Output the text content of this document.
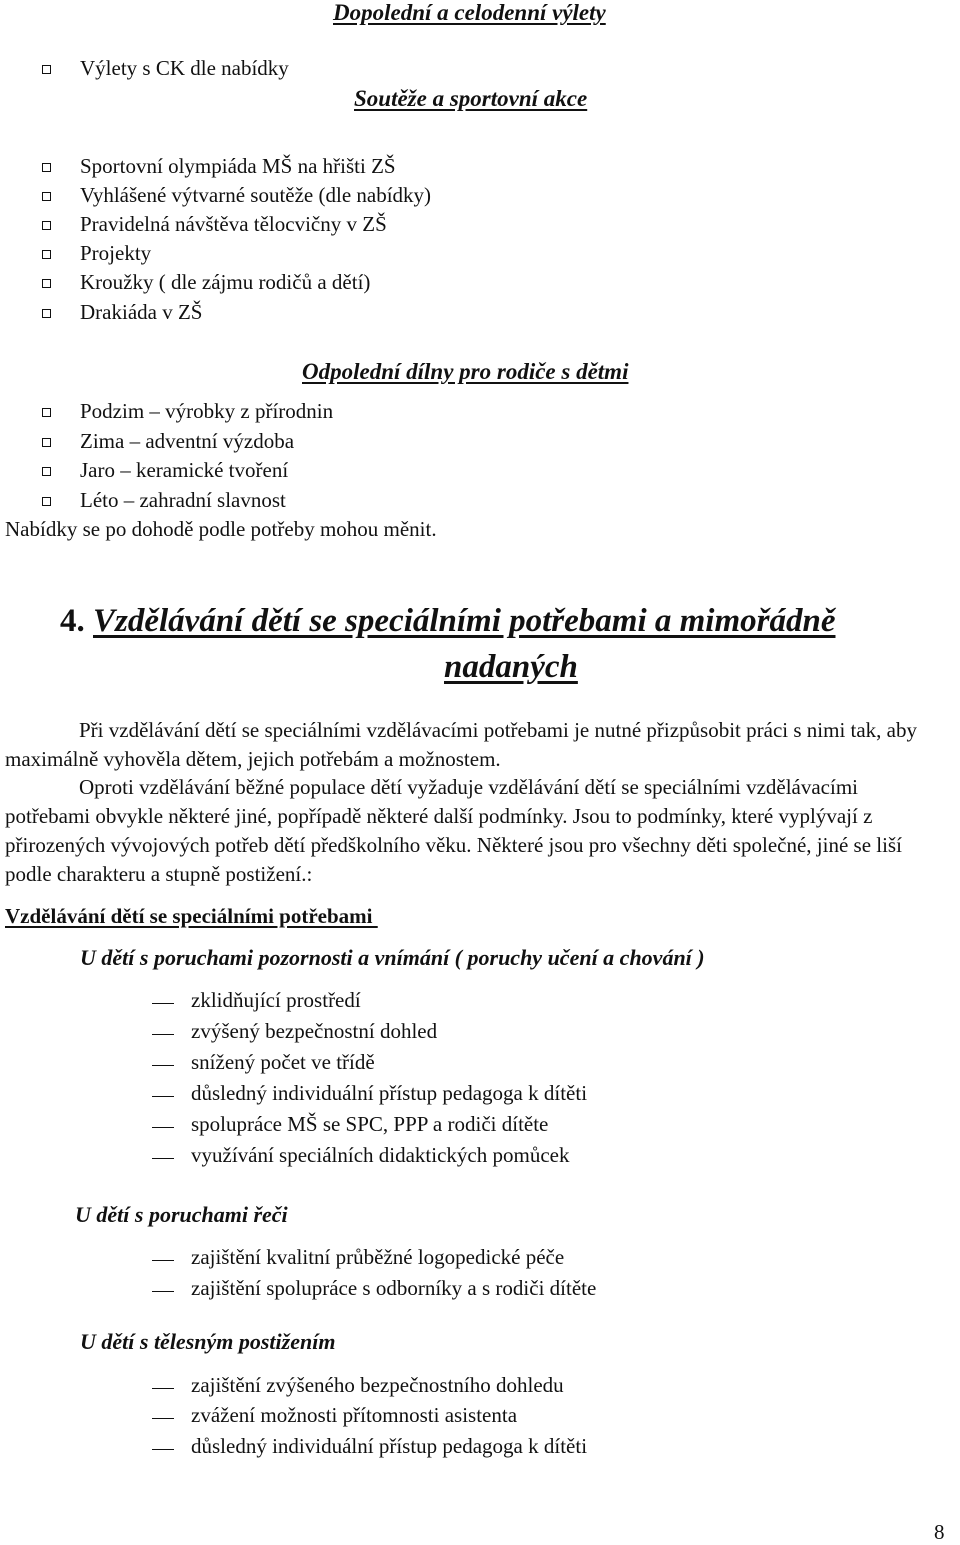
Dopolední a celodenní výlety
Výlety s CK dle nabídky
Soutěže a sportovní akce
Sportovní olympiáda MŠ na hřišti ZŠ
Vyhlášené výtvarné soutěže (dle nabídky)
Pravidelná návštěva tělocvičny v ZŠ
Projekty
Kroužky ( dle zájmu rodičů a dětí)
Drakiáda v ZŠ
Odpolední dílny pro rodiče s dětmi
Podzim – výrobky z přírodnin
Zima – adventní výzdoba
Jaro – keramické tvoření
Léto – zahradní slavnost
Nabídky se po dohodě podle potřeby mohou měnit.
4. Vzdělávání dětí se speciálními potřebami a mimořádně
nadaných
Při vzdělávání dětí se speciálními vzdělávacími potřebami je nutné přizpůsobit práci s nimi tak, aby maximálně vyhověla dětem, jejich potřebám a možnostem.
Oproti vzdělávání běžné populace dětí vyžaduje vzdělávání dětí se speciálními vzdělávacími potřebami obvykle některé jiné, popřípadě některé další podmínky. Jsou to podmínky, které vyplývají z přirozených vývojových potřeb dětí předškolního věku. Některé jsou pro všechny děti společné, jiné se liší podle charakteru a stupně postižení.:
Vzdělávání dětí se speciálními potřebami
U dětí s poruchami pozornosti a vnímání ( poruchy učení a chování )
zklidňující prostředí
zvýšený bezpečnostní dohled
snížený počet ve třídě
důsledný individuální přístup pedagoga k dítěti
spolupráce MŠ se SPC, PPP a rodiči dítěte
využívání speciálních didaktických pomůcek
U dětí s poruchami řeči
zajištění kvalitní průběžné logopedické péče
zajištění spolupráce s odborníky a s rodiči dítěte
U dětí s tělesným postižením
zajištění zvýšeného bezpečnostního dohledu
zvážení možnosti přítomnosti asistenta
důsledný individuální přístup pedagoga k dítěti
8
